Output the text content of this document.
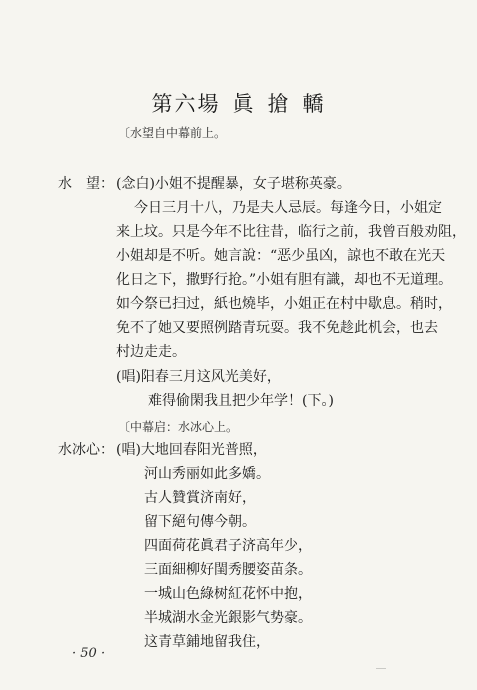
第六場 眞 搶 轎
〔水望自中幕前上。
水　望： (念白)小姐不提醒暴，女子堪称英豪。
今日三月十八，乃是夫人忌辰。每逢今日，小姐定
来上坟。只是今年不比往昔，临行之前，我曾百般劝阻，
小姐却是不听。她言說：“恶少虽凶，諒也不敢在光天
化日之下，撒野行抢。”小姐有胆有識，却也不无道理。
如今祭已扫过，紙也燒毕，小姐正在村中歇息。稍时，
免不了她又要照例踏青玩耍。我不免趁此机会，也去
村边走走。
(唱)阳春三月这风光美好，
难得偷閑我且把少年学！(下。)
〔中幕启：水冰心上。
水冰心： (唱)大地回春阳光普照，
河山秀丽如此多嬌。
古人贊賞济南好，
留下絕句傳今朝。
四面荷花眞君子济高年少，
三面細柳好閨秀腰姿苗条。
一城山色綠树紅花怀中抱，
半城湖水金光銀影气势豪。
这青草鋪地留我住，
· 50 ·
＿
